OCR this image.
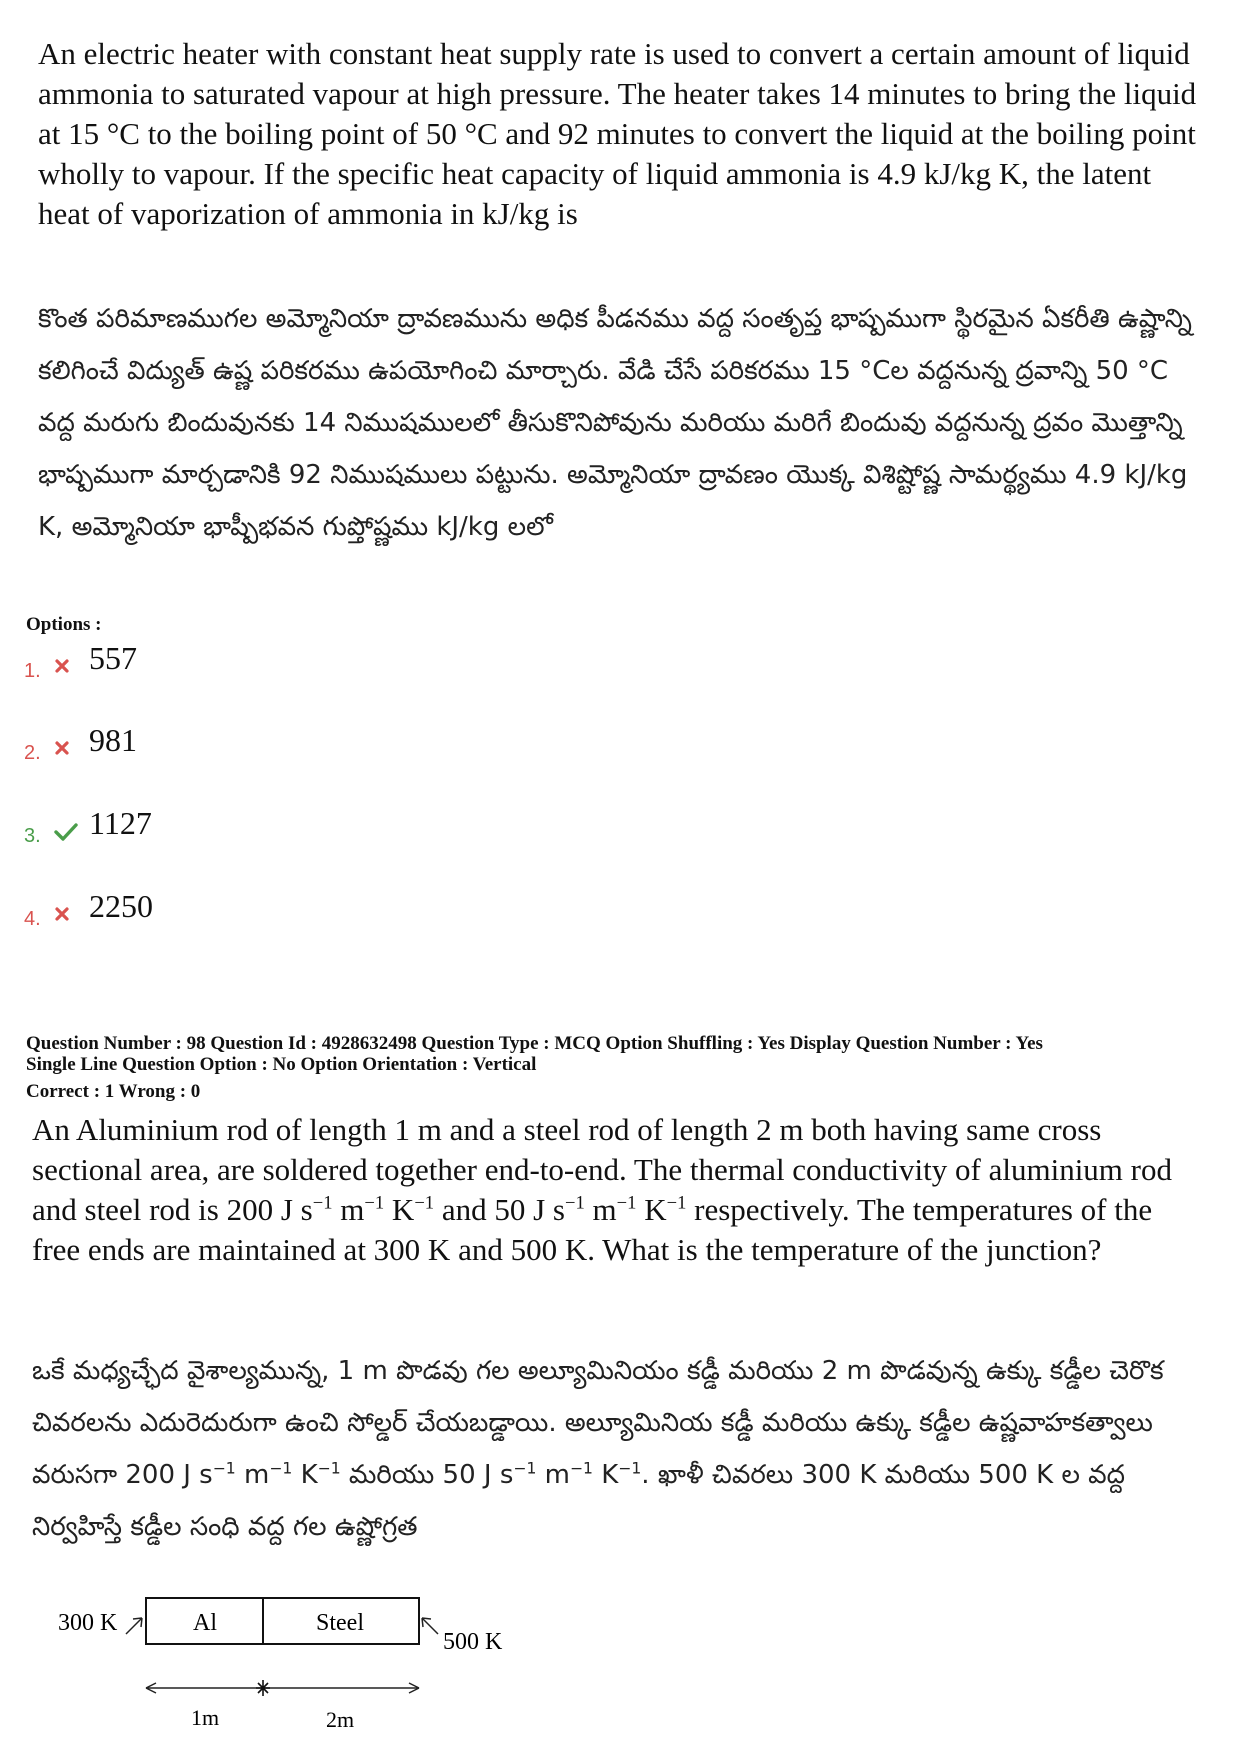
An electric heater with constant heat supply rate is used to convert a certain amount of liquid ammonia to saturated vapour at high pressure. The heater takes 14 minutes to bring the liquid at 15 °C to the boiling point of 50 °C and 92 minutes to convert the liquid at the boiling point wholly to vapour. If the specific heat capacity of liquid ammonia is 4.9 kJ/kg K, the latent heat of vaporization of ammonia in kJ/kg is
కొంత పరిమాణముగల అమ్మోనియా ద్రావణమును అధిక పీడనము వద్ద సంతృప్త భాష్పముగా స్థిరమైన ఏకరీతి ఉష్ణాన్ని కలిగించే విద్యుత్ ఉష్ణ పరికరము ఉపయోగించి మార్చారు. వేడి చేసే పరికరము 15 °Cల వద్దనున్న ద్రవాన్ని 50 °C వద్ద మరుగు బిందువునకు 14 నిముషములలో తీసుకొనిపోవును మరియు మరిగే బిందువు వద్దనున్న ద్రవం మొత్తాన్ని భాష్పముగా మార్చడానికి 92 నిముషములు పట్టును. అమ్మోనియా ద్రావణం యొక్క విశిష్టోష్ణ సామర్థ్యము 4.9 kJ/kg K, అమ్మోనియా భాష్పీభవన గుప్తోష్ణము kJ/kg లలో
Options :
1. 557
2. 981
3. 1127
4. 2250
Question Number : 98 Question Id : 4928632498 Question Type : MCQ Option Shuffling : Yes Display Question Number : Yes
Single Line Question Option : No Option Orientation : Vertical
Correct : 1 Wrong : 0
An Aluminium rod of length 1 m and a steel rod of length 2 m both having same cross sectional area, are soldered together end-to-end. The thermal conductivity of aluminium rod and steel rod is 200 J $s^{-1}$ $m^{-1}$ $K^{-1}$ and 50 J $s^{-1}$ $m^{-1}$ $K^{-1}$ respectively. The temperatures of the free ends are maintained at 300 K and 500 K. What is the temperature of the junction?
ఒకే మధ్యచ్ఛేద వైశాల్యమున్న, 1 m పొడవు గల అల్యూమినియం కడ్డీ మరియు 2 m పొడవున్న ఉక్కు కడ్డీల చెరొక చివరలను ఎదురెదురుగా ఉంచి సోల్డర్ చేయబడ్డాయి. అల్యూమినియ కడ్డీ మరియు ఉక్కు కడ్డీల ఉష్ణవాహకత్వాలు వరుసగా 200 J $s^{-1}$ $m^{-1}$ $K^{-1}$ మరియు 50 J $s^{-1}$ $m^{-1}$ $K^{-1}$. ఖాళీ చివరలు 300 K మరియు 500 K ల వద్ద నిర్వహిస్తే కడ్డీల సంధి వద్ద గల ఉష్ణోగ్రత
300 K	Al	Steel
500 K
1m	2m
